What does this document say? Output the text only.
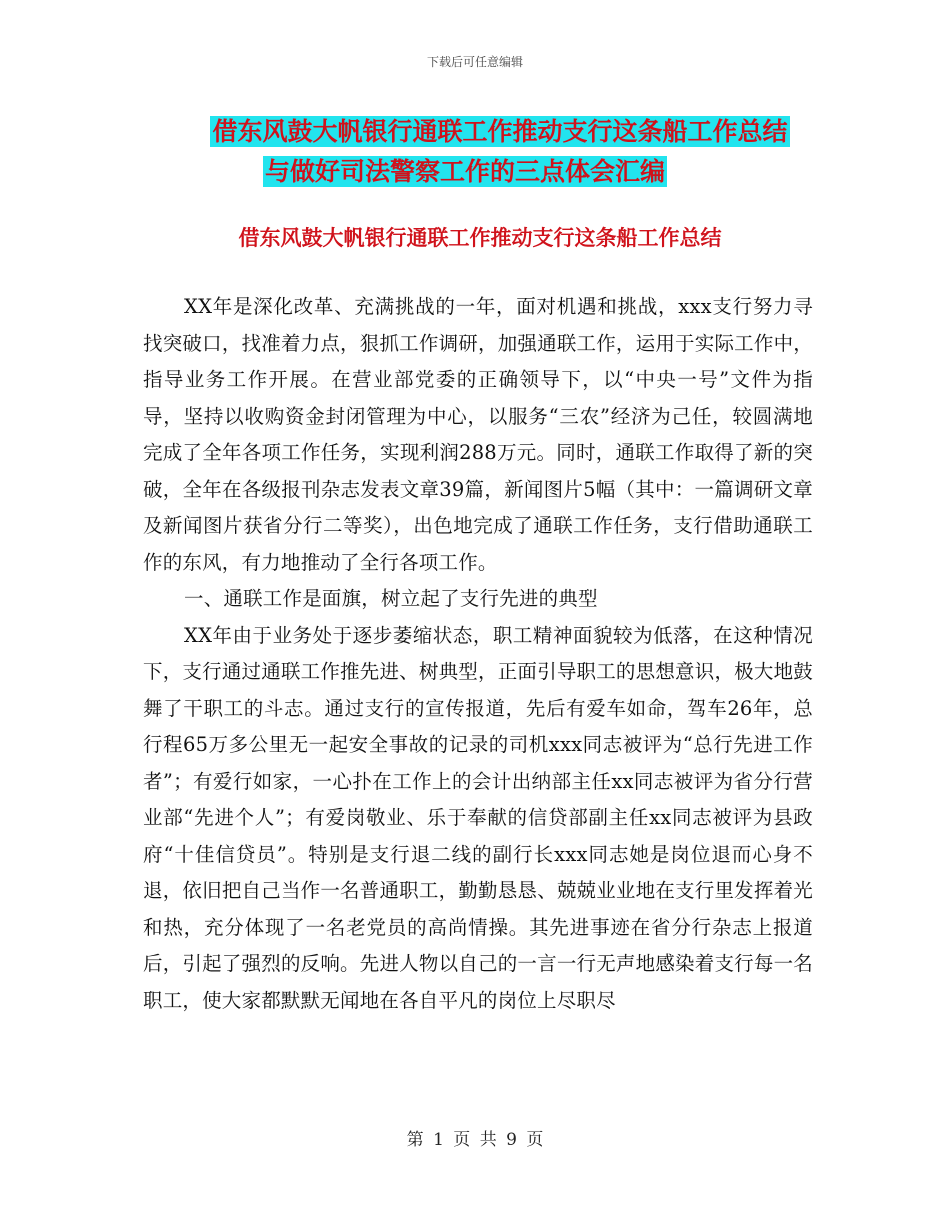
下载后可任意编辑
借东风鼓大帆银行通联工作推动支行这条船工作总结
与做好司法警察工作的三点体会汇编
借东风鼓大帆银行通联工作推动支行这条船工作总结

XX年是深化改革、充满挑战的一年，面对机遇和挑战，xxx支行努力寻找突破口，找准着力点，狠抓工作调研，加强通联工作，运用于实际工作中，指导业务工作开展。在营业部党委的正确领导下，以“中央一号”文件为指导，坚持以收购资金封闭管理为中心，以服务“三农”经济为己任，较圆满地完成了全年各项工作任务，实现利润288万元。同时，通联工作取得了新的突破，全年在各级报刊杂志发表文章39篇，新闻图片5幅（其中：一篇调研文章及新闻图片获省分行二等奖），出色地完成了通联工作任务，支行借助通联工作的东风，有力地推动了全行各项工作。

一、通联工作是面旗，树立起了支行先进的典型

XX年由于业务处于逐步萎缩状态，职工精神面貌较为低落，在这种情况下，支行通过通联工作推先进、树典型，正面引导职工的思想意识，极大地鼓舞了干职工的斗志。通过支行的宣传报道，先后有爱车如命，驾车26年，总行程65万多公里无一起安全事故的记录的司机xxx同志被评为“总行先进工作者”；有爱行如家，一心扑在工作上的会计出纳部主任xx同志被评为省分行营业部“先进个人”；有爱岗敬业、乐于奉献的信贷部副主任xx同志被评为县政府“十佳信贷员”。特别是支行退二线的副行长xxx同志她是岗位退而心身不退，依旧把自己当作一名普通职工，勤勤恳恳、兢兢业业地在支行里发挥着光和热，充分体现了一名老党员的高尚情操。其先进事迹在省分行杂志上报道后，引起了强烈的反响。先进人物以自己的一言一行无声地感染着支行每一名职工，使大家都默默无闻地在各自平凡的岗位上尽职尽

第 1 页 共 9 页
